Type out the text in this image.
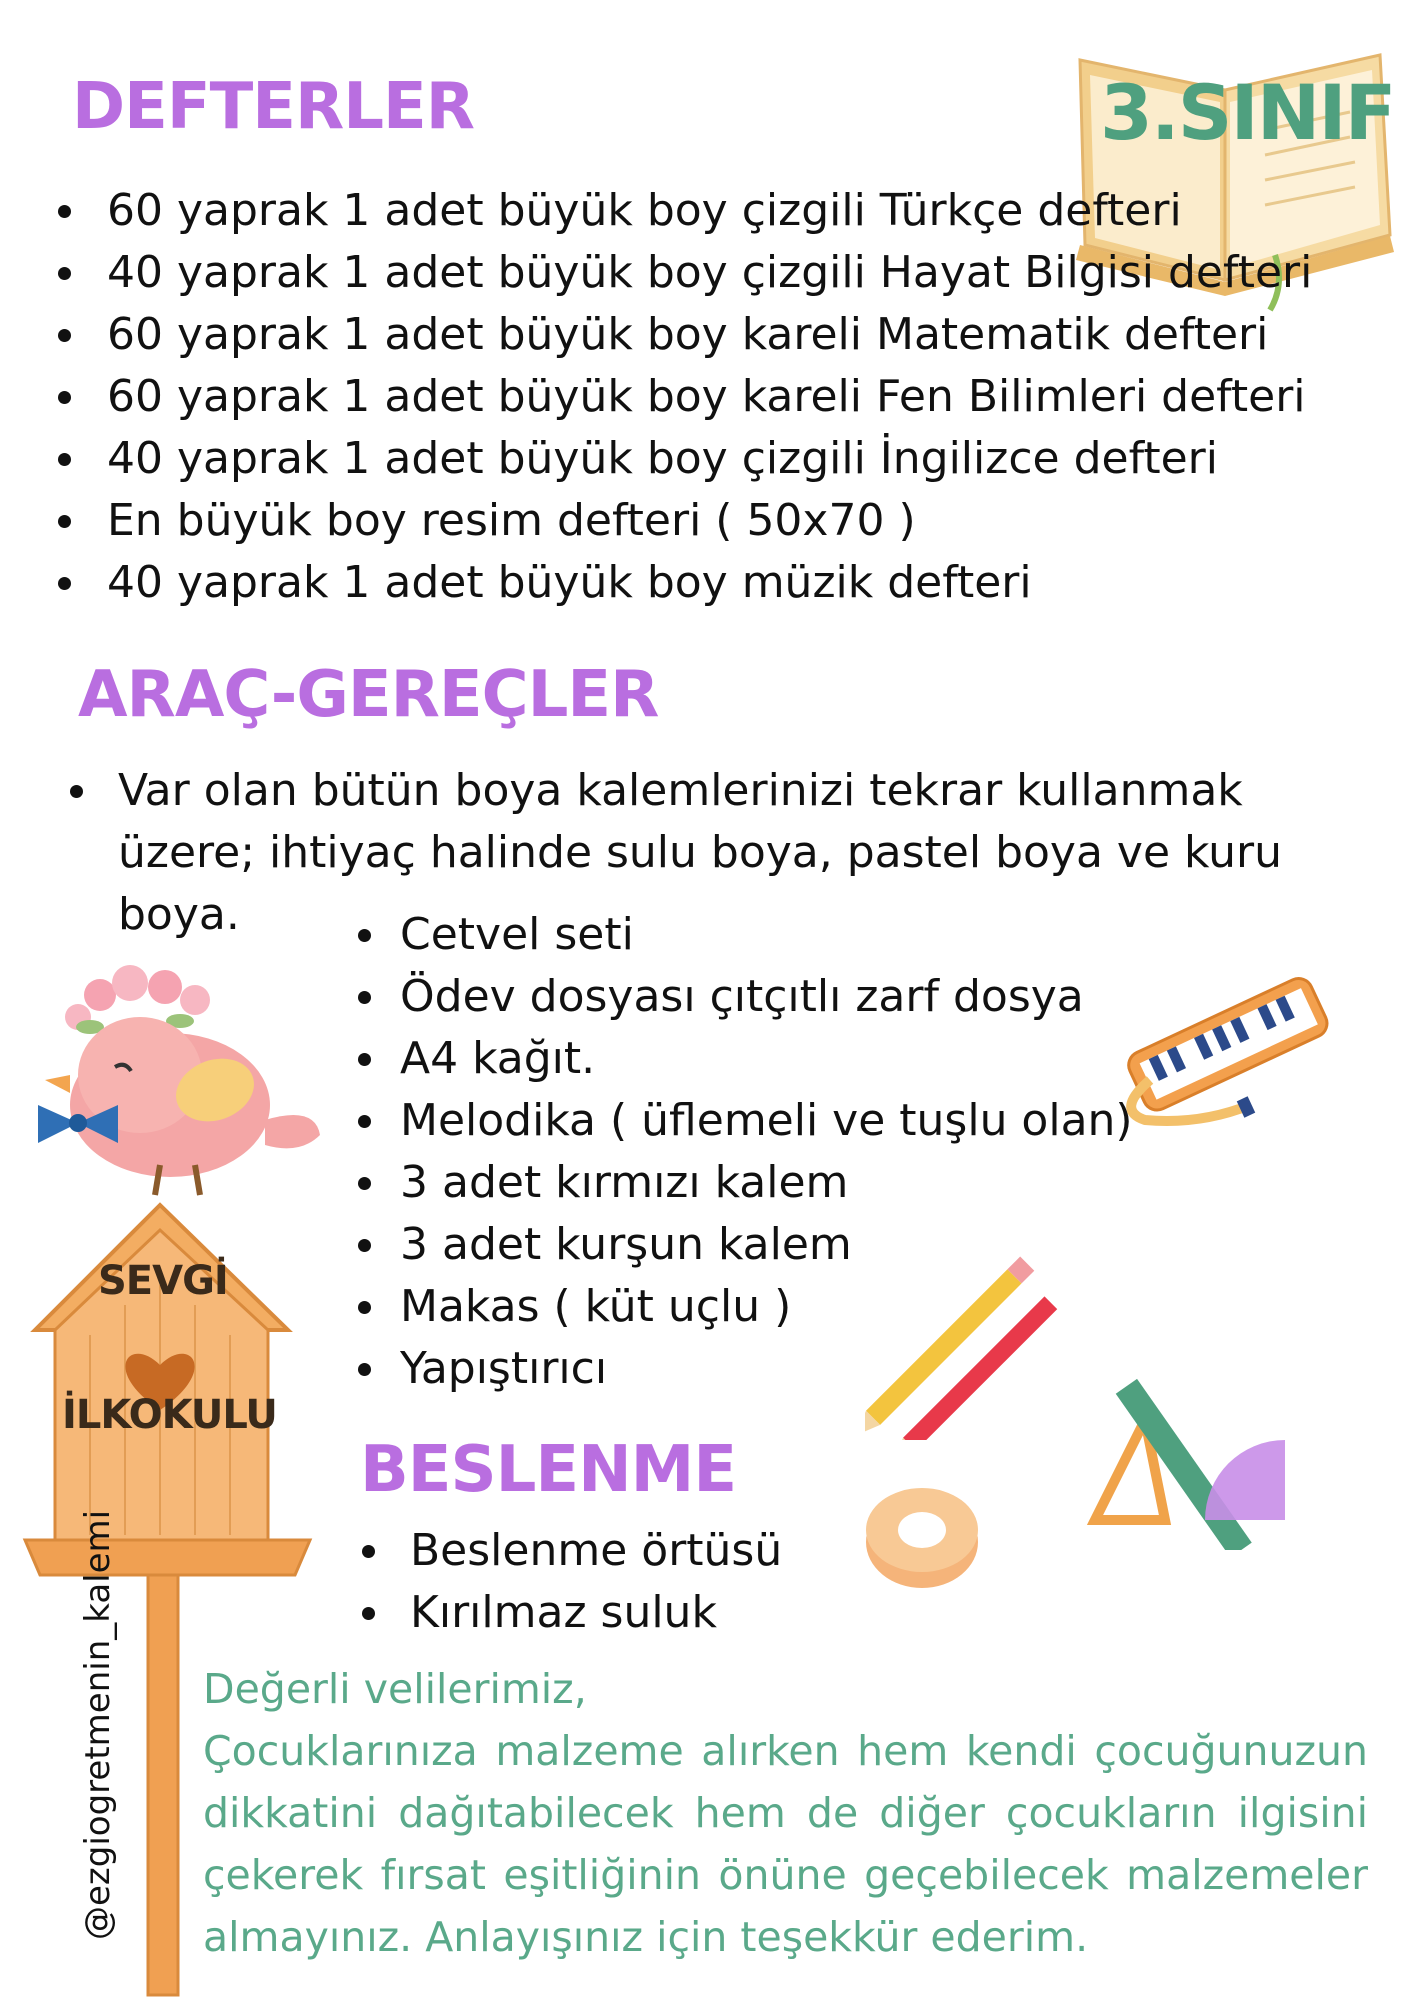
3.SINIF
DEFTERLER
60 yaprak 1 adet büyük boy çizgili Türkçe defteri
40 yaprak 1 adet büyük boy çizgili Hayat Bilgisi defteri
60 yaprak 1 adet büyük boy kareli Matematik defteri
60 yaprak 1 adet büyük boy kareli Fen Bilimleri defteri
40 yaprak 1 adet büyük boy çizgili İngilizce defteri
En büyük boy resim defteri ( 50x70 )
40 yaprak 1 adet büyük boy müzik defteri
ARAÇ-GEREÇLER
Var olan bütün boya kalemlerinizi tekrar kullanmak üzere; ihtiyaç halinde sulu boya, pastel boya ve kuru boya.	Cetvel seti
Ödev dosyası çıtçıtlı zarf dosya
A4 kağıt.
Melodika ( üflemeli ve tuşlu olan)
3 adet kırmızı kalem
3 adet kurşun kalem
Makas ( küt uçlu )
Yapıştırıcı
BESLENME
Beslenme örtüsü
Kırılmaz suluk
SEVGİ
İLKOKULU

Değerli velilerimiz,

Çocuklarınıza malzeme alırken hem kendi çocuğunuzun dikkatini dağıtabilecek hem de diğer çocukların ilgisini çekerek fırsat eşitliğinin önüne geçebilecek malzemeler almayınız. Anlayışınız için teşekkür ederim.

@ezgiogretmenin_kalemi
